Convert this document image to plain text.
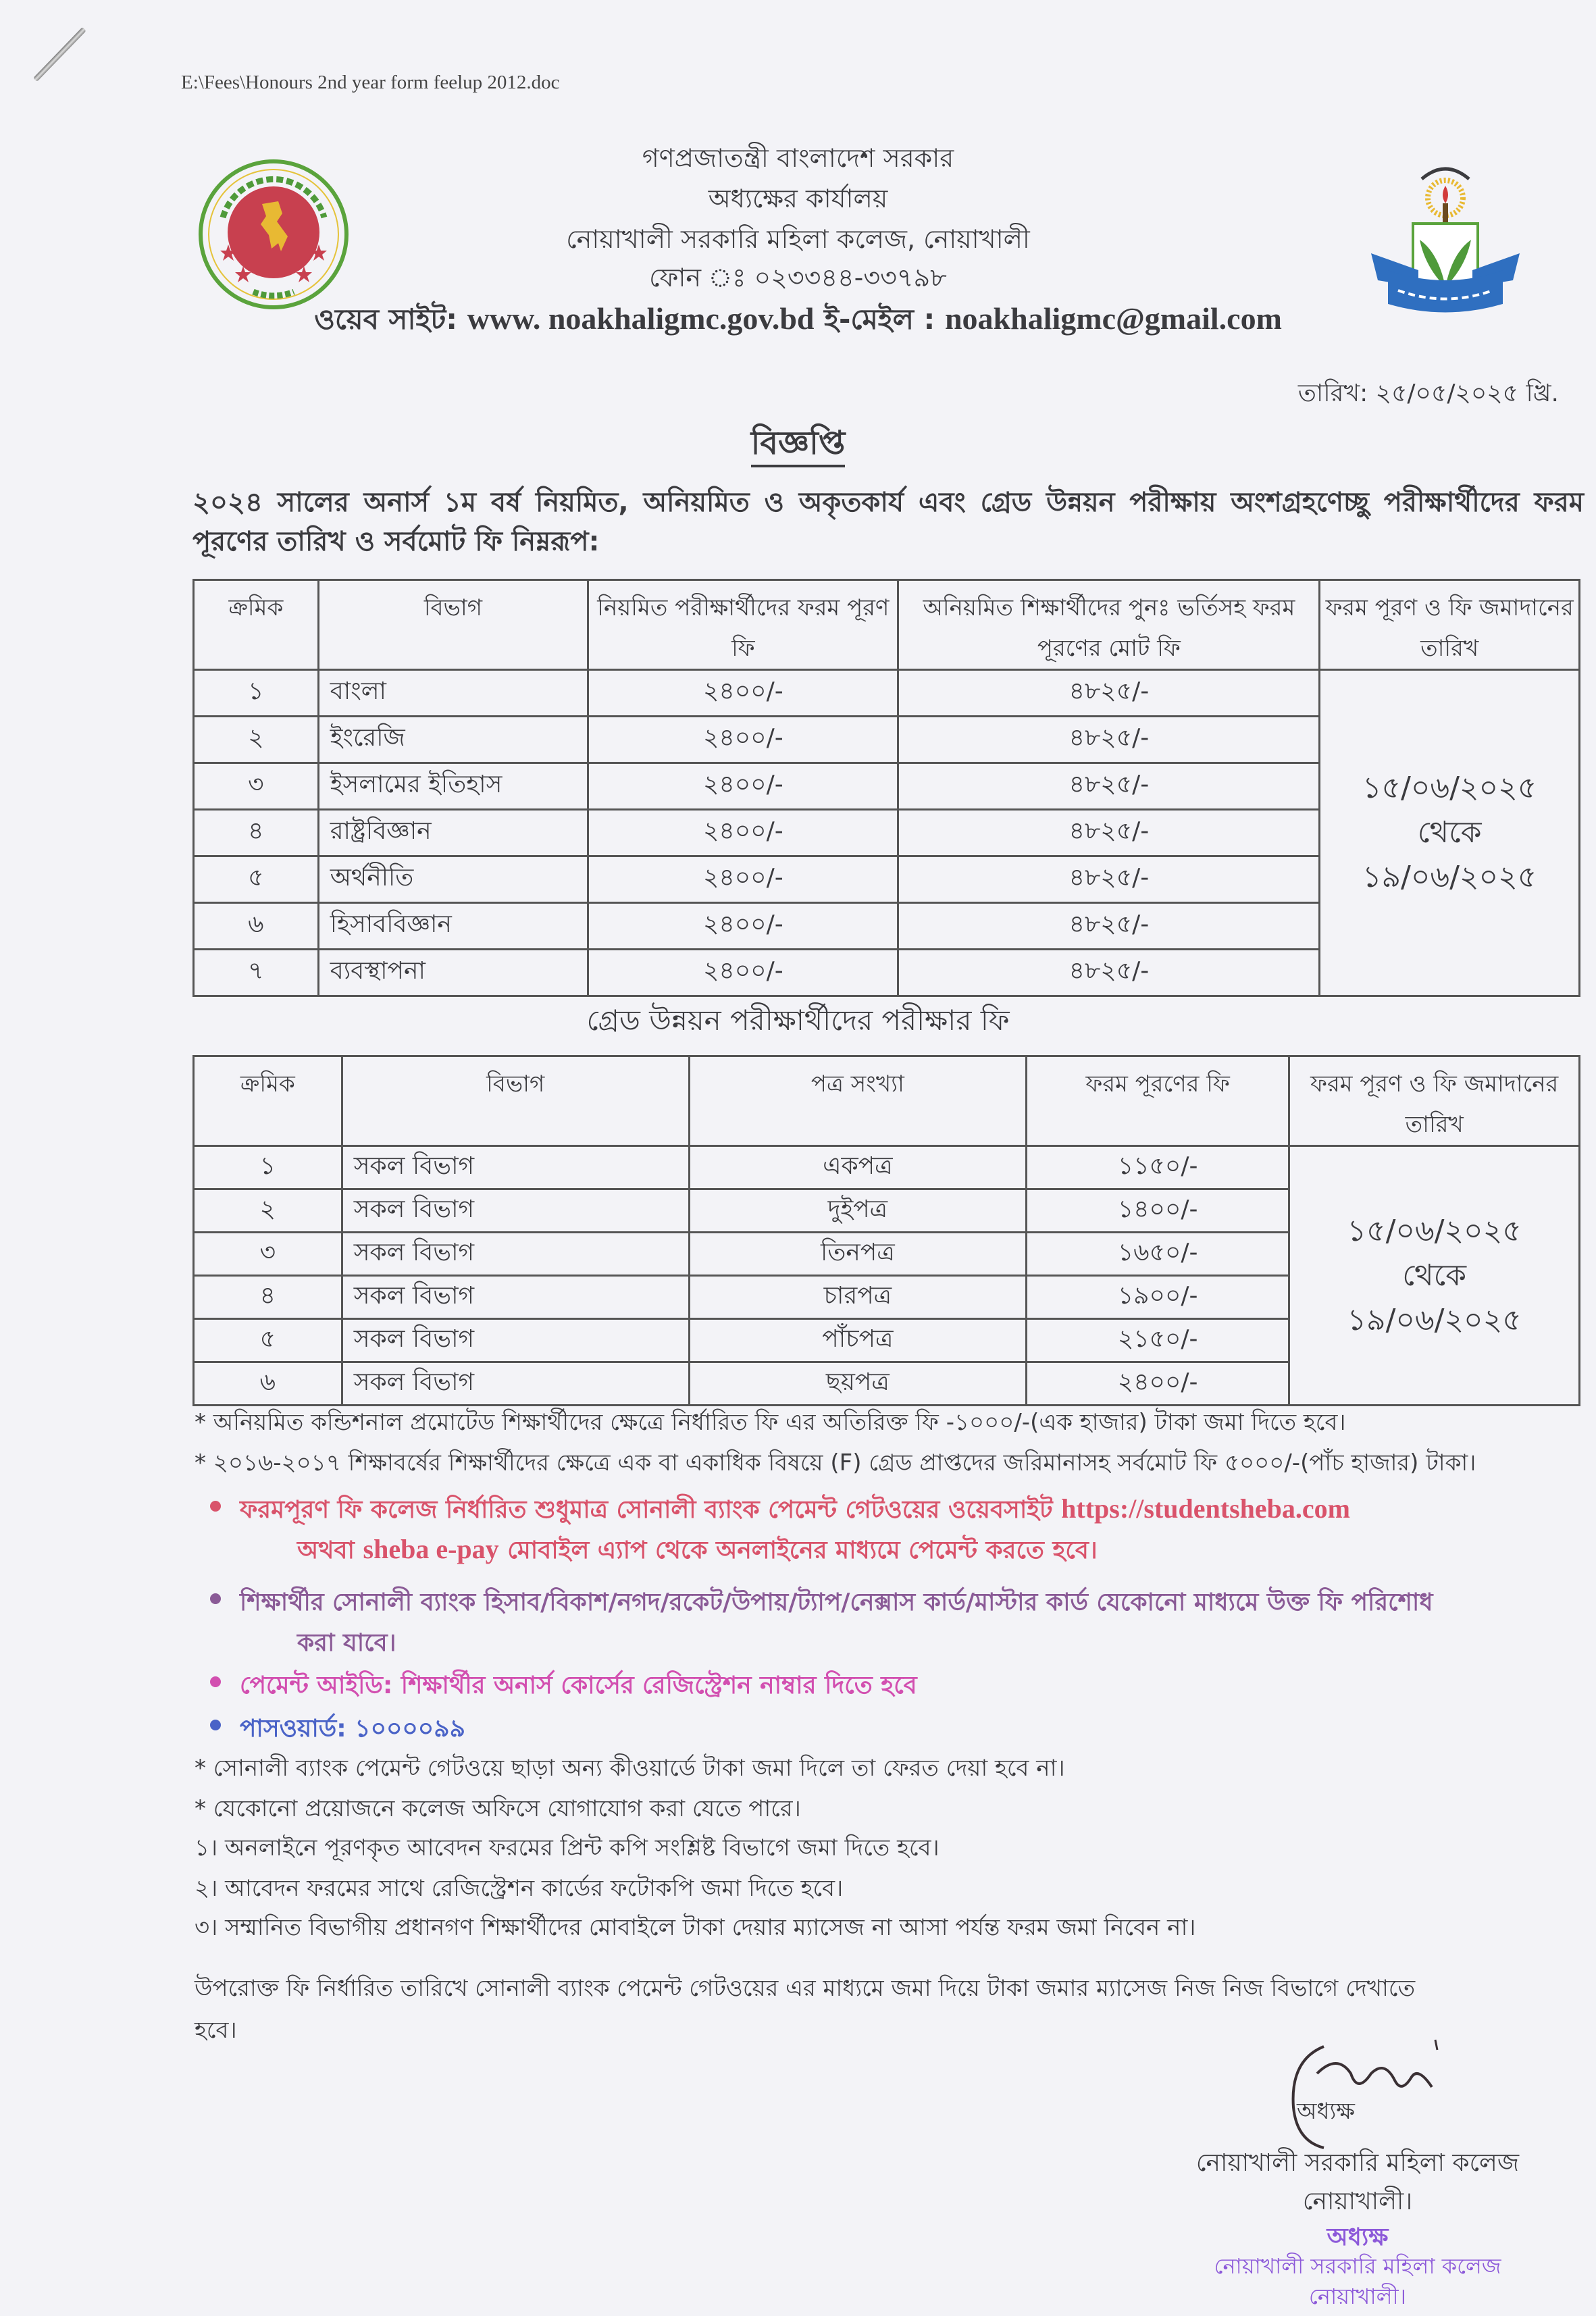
E:\Fees\Honours 2nd year form feelup 2012.doc
গণপ্রজাতন্ত্রী বাংলাদেশ সরকার
অধ্যক্ষের কার্যালয়
নোয়াখালী সরকারি মহিলা কলেজ, নোয়াখালী
ফোন ঃ ০২৩৩৪৪-৩৩৭৯৮
ওয়েব সাইট: www. noakhaligmc.gov.bd ই-মেইল : noakhaligmc@gmail.com
তারিখ: ২৫/০৫/২০২৫ খ্রি.
বিজ্ঞপ্তি
২০২৪ সালের অনার্স ১ম বর্ষ নিয়মিত, অনিয়মিত ও অকৃতকার্য এবং গ্রেড উন্নয়ন পরীক্ষায় অংশগ্রহণেচ্ছু পরীক্ষার্থীদের ফরম পূরণের তারিখ ও সর্বমোট ফি নিম্নরূপ:
ক্রমিক	বিভাগ	নিয়মিত পরীক্ষার্থীদের ফরম পূরণ ফি	অনিয়মিত শিক্ষার্থীদের পুনঃ ভর্তিসহ ফরম পূরণের মোট ফি	ফরম পূরণ ও ফি জমাদানের তারিখ
১	বাংলা	২৪০০/-	৪৮২৫/-	১৫/০৬/২০২৫
থেকে
১৯/০৬/২০২৫

২	ইংরেজি	২৪০০/-	৪৮২৫/-	
৩	ইসলামের ইতিহাস	২৪০০/-	৪৮২৫/-	
৪	রাষ্ট্রবিজ্ঞান	২৪০০/-	৪৮২৫/-	
৫	অর্থনীতি	২৪০০/-	৪৮২৫/-	
৬	হিসাববিজ্ঞান	২৪০০/-	৪৮২৫/-	
৭	ব্যবস্থাপনা	২৪০০/-	৪৮২৫/-	
গ্রেড উন্নয়ন পরীক্ষার্থীদের পরীক্ষার ফি
ক্রমিক	বিভাগ	পত্র সংখ্যা	ফরম পূরণের ফি	ফরম পূরণ ও ফি জমাদানের তারিখ
১	সকল বিভাগ	একপত্র	১১৫০/-	১৫/০৬/২০২৫
থেকে
১৯/০৬/২০২৫

২	সকল বিভাগ	দুইপত্র	১৪০০/-	
৩	সকল বিভাগ	তিনপত্র	১৬৫০/-	
৪	সকল বিভাগ	চারপত্র	১৯০০/-	
৫	সকল বিভাগ	পাঁচপত্র	২১৫০/-	
৬	সকল বিভাগ	ছয়পত্র	২৪০০/-	
* অনিয়মিত কন্ডিশনাল প্রমোটেড শিক্ষার্থীদের ক্ষেত্রে নির্ধারিত ফি এর অতিরিক্ত ফি -১০০০/-(এক হাজার) টাকা জমা দিতে হবে।
* ২০১৬-২০১৭ শিক্ষাবর্ষের শিক্ষার্থীদের ক্ষেত্রে এক বা একাধিক বিষয়ে (F) গ্রেড প্রাপ্তদের জরিমানাসহ সর্বমোট ফি ৫০০০/-(পাঁচ হাজার) টাকা।
ফরমপূরণ ফি কলেজ নির্ধারিত শুধুমাত্র সোনালী ব্যাংক পেমেন্ট গেটওয়ের ওয়েবসাইট https://studentsheba.com
অথবা sheba e-pay মোবাইল এ্যাপ থেকে অনলাইনের মাধ্যমে পেমেন্ট করতে হবে।
শিক্ষার্থীর সোনালী ব্যাংক হিসাব/বিকাশ/নগদ/রকেট/উপায়/ট্যাপ/নেক্সাস কার্ড/মাস্টার কার্ড যেকোনো মাধ্যমে উক্ত ফি পরিশোধ
করা যাবে।
পেমেন্ট আইডি: শিক্ষার্থীর অনার্স কোর্সের রেজিস্ট্রেশন নাম্বার দিতে হবে
পাসওয়ার্ড: ১০০০০৯৯
* সোনালী ব্যাংক পেমেন্ট গেটওয়ে ছাড়া অন্য কীওয়ার্ডে টাকা জমা দিলে তা ফেরত দেয়া হবে না।
* যেকোনো প্রয়োজনে কলেজ অফিসে যোগাযোগ করা যেতে পারে।
১। অনলাইনে পূরণকৃত আবেদন ফরমের প্রিন্ট কপি সংশ্লিষ্ট বিভাগে জমা দিতে হবে।
২। আবেদন ফরমের সাথে রেজিস্ট্রেশন কার্ডের ফটোকপি জমা দিতে হবে।
৩। সম্মানিত বিভাগীয় প্রধানগণ শিক্ষার্থীদের মোবাইলে টাকা দেয়ার ম্যাসেজ না আসা পর্যন্ত ফরম জমা নিবেন না।
উপরোক্ত ফি নির্ধারিত তারিখে সোনালী ব্যাংক পেমেন্ট গেটওয়ের এর মাধ্যমে জমা দিয়ে টাকা জমার ম্যাসেজ নিজ নিজ বিভাগে দেখাতে
হবে।
অধ্যক্ষ
নোয়াখালী সরকারি মহিলা কলেজ
নোয়াখালী।
অধ্যক্ষ
নোয়াখালী সরকারি মহিলা কলেজ
নোয়াখালী।
